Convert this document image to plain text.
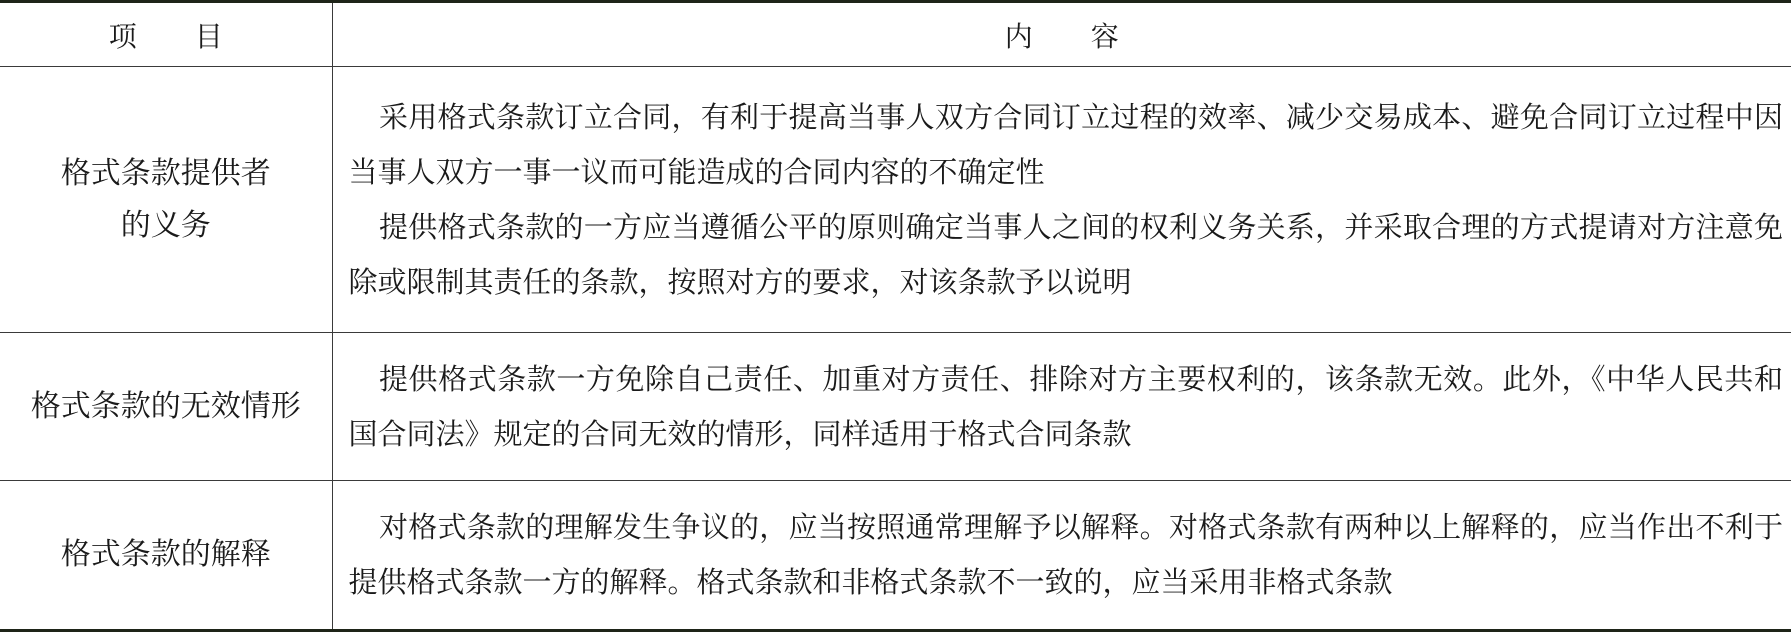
项目	内容
格式条款提供者的义务	采用格式条款订立合同，有利于提高当事人双方合同订立过程的效率、减少交易成本、避免合同订立过程中因当事人双方一事一议而可能造成的合同内容的不确定性

提供格式条款的一方应当遵循公平的原则确定当事人之间的权利义务关系，并采取合理的方式提请对方注意免除或限制其责任的条款，按照对方的要求，对该条款予以说明

格式条款的无效情形	提供格式条款一方免除自己责任、加重对方责任、排除对方主要权利的，该条款无效。此外，《中华人民共和国合同法》规定的合同无效的情形，同样适用于格式合同条款

格式条款的解释	对格式条款的理解发生争议的，应当按照通常理解予以解释。对格式条款有两种以上解释的，应当作出不利于提供格式条款一方的解释。格式条款和非格式条款不一致的，应当采用非格式条款
